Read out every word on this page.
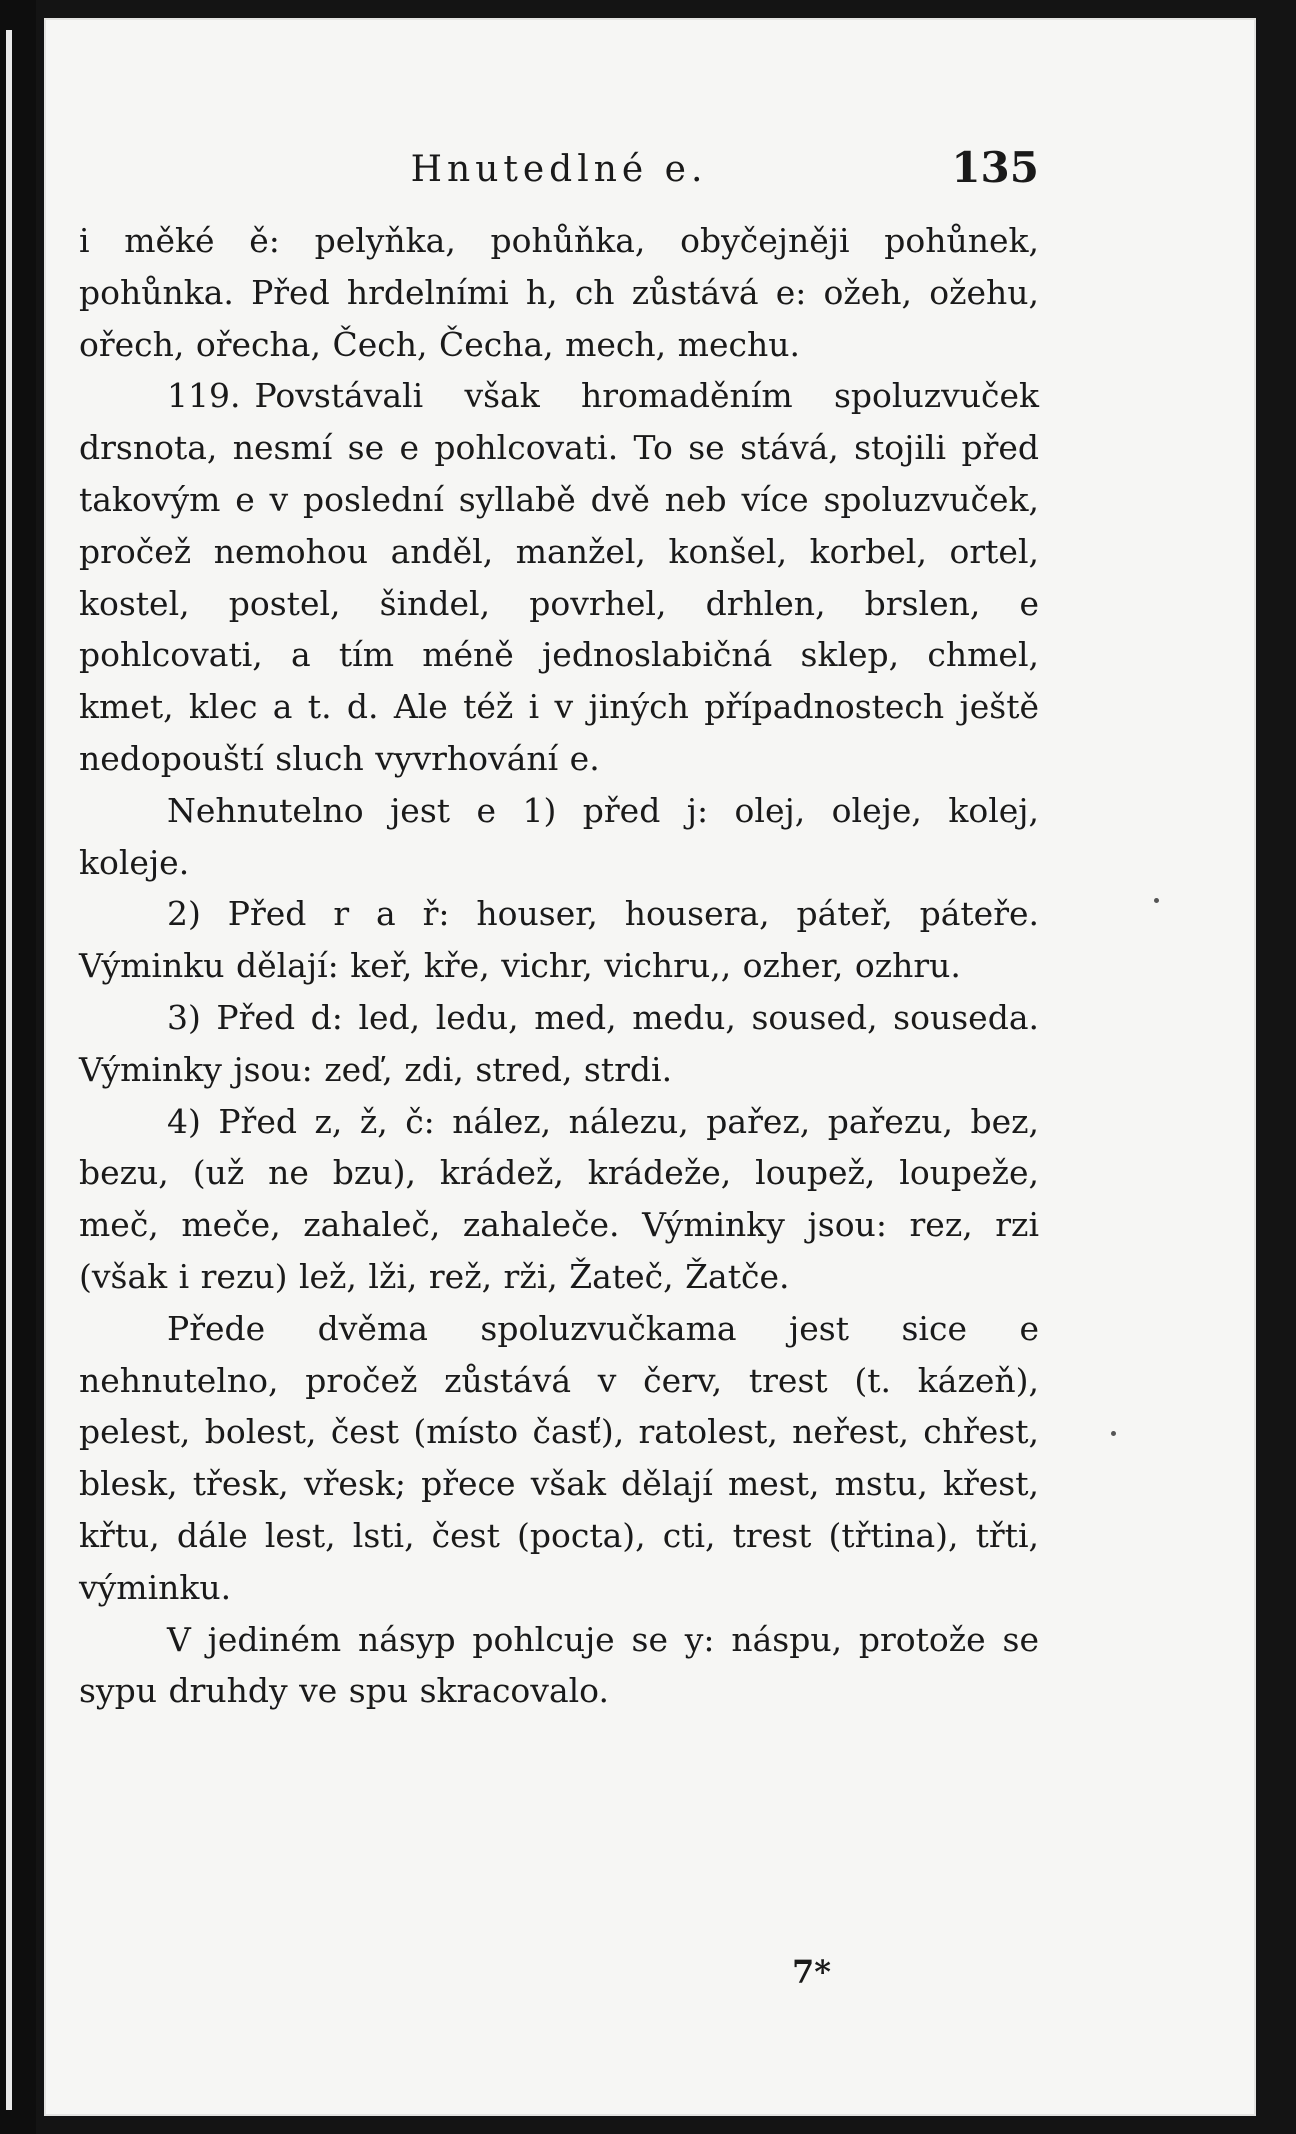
Hnutedlné e.	135

i měké ě: pelyňka, pohůňka, obyčejněji pohůnek, pohůnka. Před hrdelními h, ch zůstává e: ožeh, ožehu, ořech, ořecha, Čech, Čecha, mech, mechu.

119. Povstávali však hromaděním spoluzvuček drsnota, nesmí se e pohlcovati. To se stává, stojili před takovým e v poslední syllabě dvě neb více spoluzvuček, pročež nemohou anděl, manžel, konšel, korbel, ortel, kostel, postel, šindel, povrhel, drhlen, brslen, e pohlcovati, a tím méně jednoslabičná sklep, chmel, kmet, klec a t. d. Ale též i v jiných případnostech ještě nedopouští sluch vyvrhování e.

Nehnutelno jest e 1) před j: olej, oleje, kolej, koleje.

2) Před r a ř: houser, housera, páteř, páteře. Výminku dělají: keř, kře, vichr, vichru,, ozher, ozhru.

3) Před d: led, ledu, med, medu, soused, souseda. Výminky jsou: zeď, zdi, stred, strdi.

4) Před z, ž, č: nález, nálezu, pařez, pařezu, bez, bezu, (už ne bzu), krádež, krádeže, loupež, loupeže, meč, meče, zahaleč, zahaleče. Výminky jsou: rez, rzi (však i rezu) lež, lži, rež, rži, Žateč, Žatče.

Přede dvěma spoluzvučkama jest sice e nehnutelno, pročež zůstává v červ, trest (t. kázeň), pelest, bolest, čest (místo časť), ratolest, neřest, chřest, blesk, třesk, vřesk; přece však dělají mest, mstu, křest, křtu, dále lest, lsti, čest (pocta), cti, trest (třtina), třti, výminku.

V jediném násyp pohlcuje se y: náspu, protože se sypu druhdy ve spu skracovalo.

7*
